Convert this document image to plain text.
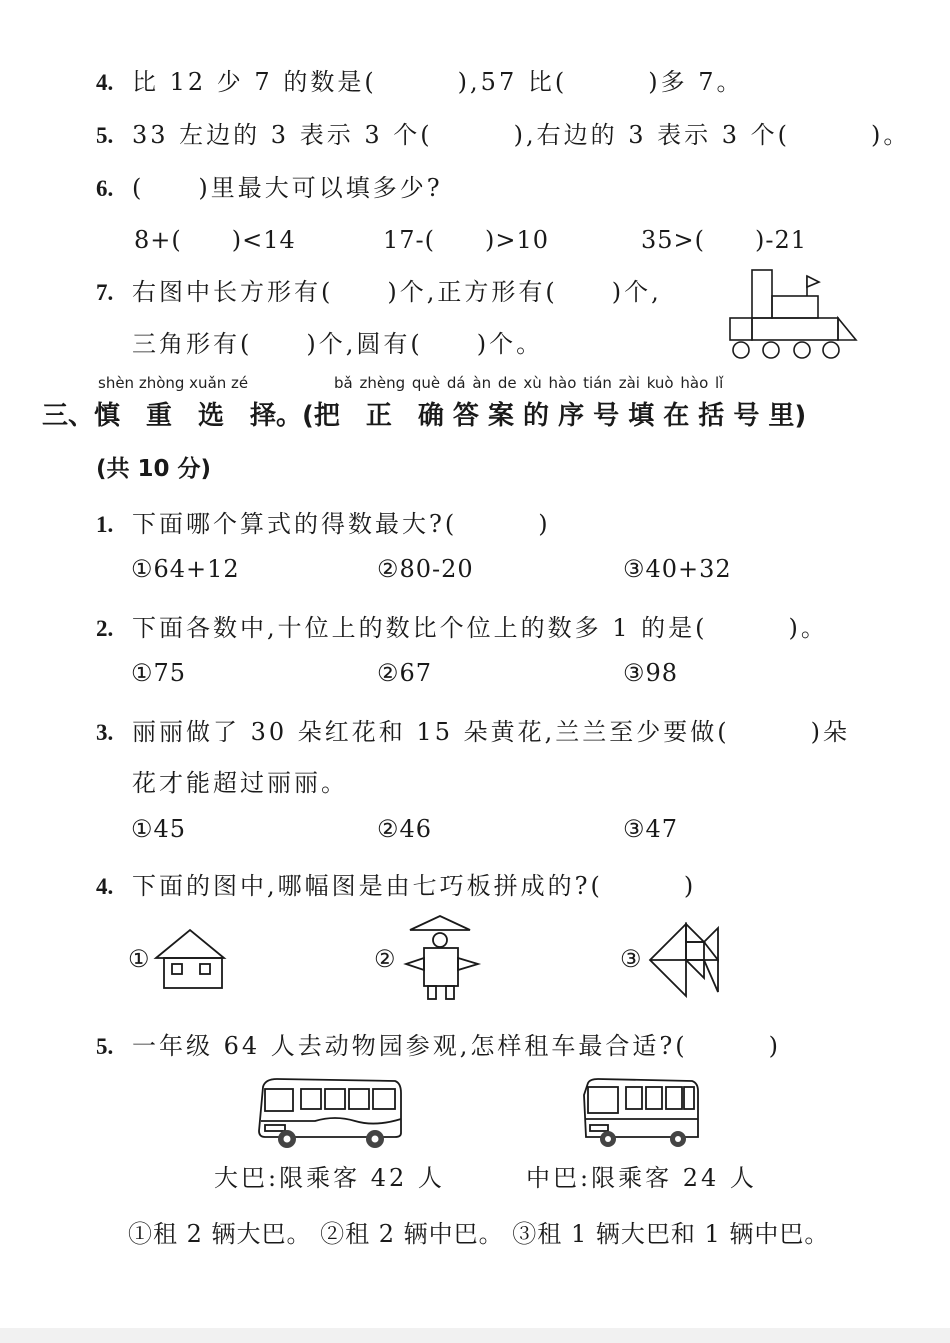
4. 比 12 少 7 的数是(　　　),57 比(　　　)多 7。
5. 33 左边的 3 表示 3 个(　　　),右边的 3 表示 3 个(　　　)。
6. (　　)里最大可以填多少?
8+(　　)<14	17-(　　)>10	35>(　　)-21
7. 右图中长方形有(　　)个,正方形有(　　)个,
三角形有(　　)个,圆有(　　)个。
shèn zhòng xuǎn zé	bǎ zhèng què dá àn de xù hào tián zài kuò hào lǐ
三、慎　重　选　择。(把　正　确 答 案 的 序 号 填 在 括 号 里)
(共 10 分)
1. 下面哪个算式的得数最大?(　　　)
①64+12	②80-20	③40+32
2. 下面各数中,十位上的数比个位上的数多 1 的是(　　　)。
①75	②67	③98
3. 丽丽做了 30 朵红花和 15 朵黄花,兰兰至少要做(　　　)朵
花才能超过丽丽。
①45	②46	③47
4. 下面的图中,哪幅图是由七巧板拼成的?(　　　)
①	②	③
5. 一年级 64 人去动物园参观,怎样租车最合适?(　　　)
大巴:限乘客 42 人	中巴:限乘客 24 人
①租 2 辆大巴。 ②租 2 辆中巴。 ③租 1 辆大巴和 1 辆中巴。
